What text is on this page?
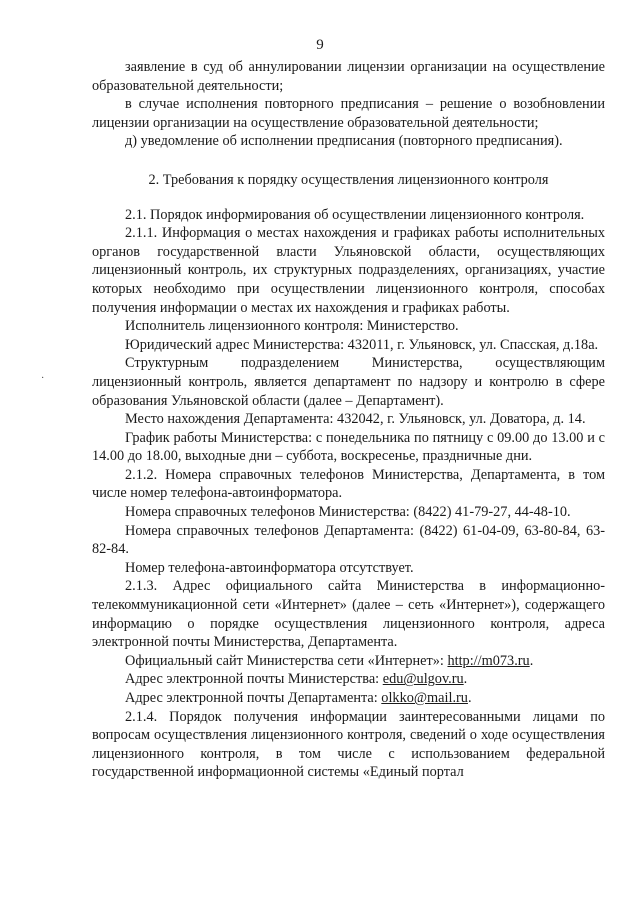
9
·

заявление в суд об аннулировании лицензии организации на осуществление образовательной деятельности;

в случае исполнения повторного предписания – решение о возобновлении лицензии организации на осуществление образовательной деятельности;

д) уведомление об исполнении предписания (повторного предписания).

2. Требования к порядку осуществления лицензионного контроля

2.1. Порядок информирования об осуществлении лицензионного контроля.

2.1.1. Информация о местах нахождения и графиках работы исполнительных органов государственной власти Ульяновской области, осуществляющих лицензионный контроль, их структурных подразделениях, организациях, участие которых необходимо при осуществлении лицензионного контроля, способах получения информации о местах их нахождения и графиках работы.

Исполнитель лицензионного контроля: Министерство.

Юридический адрес Министерства: 432011, г. Ульяновск, ул. Спасская, д.18а.

Структурным подразделением Министерства, осуществляющим лицензионный контроль, является департамент по надзору и контролю в сфере образования Ульяновской области (далее – Департамент).

Место нахождения Департамента: 432042, г. Ульяновск, ул. Доватора, д. 14.

График работы Министерства: с понедельника по пятницу с 09.00 до 13.00 и с 14.00 до 18.00, выходные дни – суббота, воскресенье, праздничные дни.

2.1.2. Номера справочных телефонов Министерства, Департамента, в том числе номер телефона-автоинформатора.

Номера справочных телефонов Министерства: (8422) 41-79-27, 44-48-10.

Номера справочных телефонов Департамента: (8422) 61-04-09, 63-80-84, 63-82-84.

Номер телефона-автоинформатора отсутствует.

2.1.3. Адрес официального сайта Министерства в информационно-телекоммуникационной сети «Интернет» (далее – сеть «Интернет»), содержащего информацию о порядке осуществления лицензионного контроля, адреса электронной почты Министерства, Департамента.

Официальный сайт Министерства сети «Интернет»: http://m073.ru.

Адрес электронной почты Министерства: edu@ulgov.ru.

Адрес электронной почты Департамента: olkko@mail.ru.

2.1.4. Порядок получения информации заинтересованными лицами по вопросам осуществления лицензионного контроля, сведений о ходе осуществления лицензионного контроля, в том числе с использованием федеральной государственной информационной системы «Единый портал
